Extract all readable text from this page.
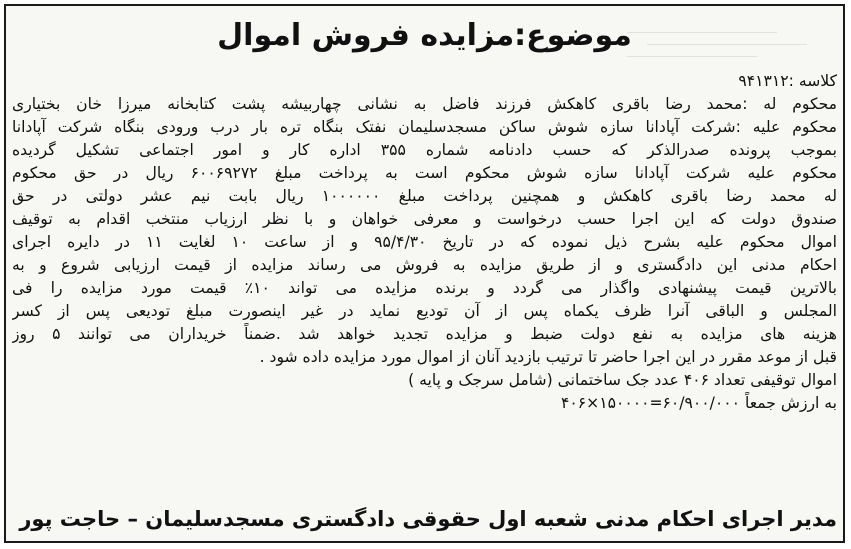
موضوع:مزایده فروش اموال
کلاسه :۹۴۱۳۱۲
محکوم له :محمد رضا باقری کاهکش فرزند فاضل به نشانی چهاربیشه پشت کتابخانه میرزا خان بختیاری
محکوم علیه :شرکت آپادانا سازه شوش ساکن مسجدسلیمان نفتک بنگاه تره بار درب ورودی بنگاه شرکت آپادانا
بموجب پرونده صدرالذکر که حسب دادنامه شماره ۳۵۵ اداره کار و امور اجتماعی تشکیل گردیده
محکوم علیه شرکت آپادانا سازه شوش محکوم است به پرداخت مبلغ ۶۰۰۶۹۲۷۲ ریال در حق محکوم
له محمد رضا باقری کاهکش و همچنین پرداخت مبلغ ۱۰۰۰۰۰۰ ریال بابت نیم عشر دولتی در حق
صندوق دولت که این اجرا حسب درخواست و معرفی خواهان و با نظر ارزیاب منتخب اقدام به توقیف
اموال محکوم علیه بشرح ذیل نموده که در تاریخ ۹۵/۴/۳۰ و از ساعت ۱۰ لغایت ۱۱ در دایره اجرای
احکام مدنی این دادگستری و از طریق مزایده به فروش می رساند مزایده از قیمت ارزیابی شروع و به
بالاترین قیمت پیشنهادی واگذار می گردد و برنده مزایده می تواند ۱۰٪ قیمت مورد مزایده را فی
المجلس و الباقی آنرا ظرف یکماه پس از آن تودیع نماید در غیر اینصورت مبلغ تودیعی پس از کسر
هزینه های مزایده به نفع دولت ضبط و مزایده تجدید خواهد شد .ضمناً خریداران می توانند ۵ روز
قبل از موعد مقرر در این اجرا حاضر تا ترتیب بازدید آنان از اموال مورد مزایده داده شود .
اموال توقیفی تعداد ۴۰۶ عدد جک ساختمانی (شامل سرجک و پایه )
به ارزش جمعاً ۶۰/۹۰۰/۰۰۰=۱۵۰۰۰۰×۴۰۶
مدیر اجرای احکام مدنی شعبه اول حقوقی دادگستری مسجدسلیمان – حاجت پور
